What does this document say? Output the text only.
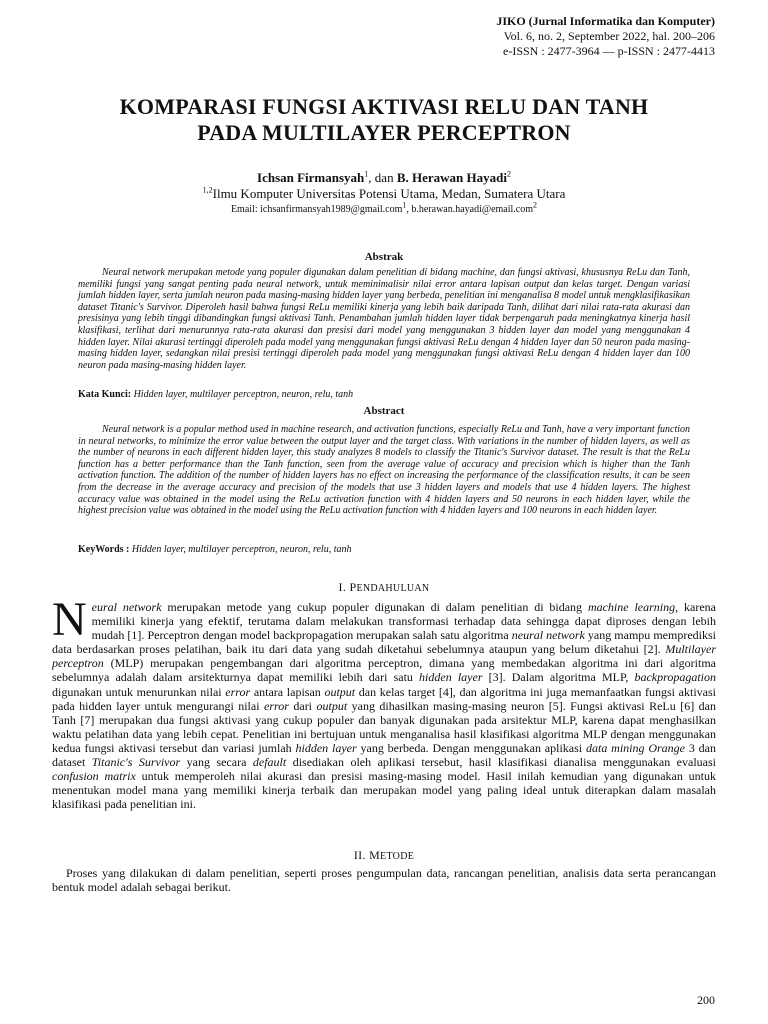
JIKO (Jurnal Informatika dan Komputer)
Vol. 6, no. 2, September 2022, hal. 200–206
e-ISSN : 2477-3964 — p-ISSN : 2477-4413
KOMPARASI FUNGSI AKTIVASI RELU DAN TANH
PADA MULTILAYER PERCEPTRON
Ichsan Firmansyah$^1$, dan B. Herawan Hayadi$^2$
$^{1,2}$Ilmu Komputer Universitas Potensi Utama, Medan, Sumatera Utara
Email: ichsanfirmansyah1989@gmail.com$^1$, b.herawan.hayadi@email.com$^2$
Abstrak

Neural network merupakan metode yang populer digunakan dalam penelitian di bidang machine, dan fungsi aktivasi, khususnya ReLu dan Tanh, memiliki fungsi yang sangat penting pada neural network, untuk meminimalisir nilai error antara lapisan output dan kelas target. Dengan variasi jumlah hidden layer, serta jumlah neuron pada masing-masing hidden layer yang berbeda, penelitian ini menganalisa 8 model untuk mengklasifikasikan dataset Titanic's Survivor. Diperoleh hasil bahwa fungsi ReLu memiliki kinerja yang lebih baik daripada Tanh, dilihat dari nilai rata-rata akurasi dan presisinya yang lebih tinggi dibandingkan fungsi aktivasi Tanh. Penambahan jumlah hidden layer tidak berpengaruh pada meningkatnya kinerja hasil klasifikasi, terlihat dari menurunnya rata-rata akurasi dan presisi dari model yang menggunakan 3 hidden layer dan model yang menggunakan 4 hidden layer. Nilai akurasi tertinggi diperoleh pada model yang menggunakan fungsi aktivasi ReLu dengan 4 hidden layer dan 50 neuron pada masing-masing hidden layer, sedangkan nilai presisi tertinggi diperoleh pada model yang menggunakan fungsi aktivasi ReLu dengan 4 hidden layer dan 100 neuron pada masing-masing hidden layer.

Kata Kunci: Hidden layer, multilayer perceptron, neuron, relu, tanh
Abstract

Neural network is a popular method used in machine research, and activation functions, especially ReLu and Tanh, have a very important function in neural networks, to minimize the error value between the output layer and the target class. With variations in the number of hidden layers, as well as the number of neurons in each different hidden layer, this study analyzes 8 models to classify the Titanic's Survivor dataset. The result is that the ReLu function has a better performance than the Tanh function, seen from the average value of accuracy and precision which is higher than the Tanh activation function. The addition of the number of hidden layers has no effect on increasing the performance of the classification results, it can be seen from the decrease in the average accuracy and precision of the models that use 3 hidden layers and models that use 4 hidden layers. The highest accuracy value was obtained in the model using the ReLu activation function with 4 hidden layers and 50 neurons in each hidden layer, while the highest precision value was obtained in the model using the ReLu activation function with 4 hidden layers and 100 neurons in each hidden layer.

KeyWords : Hidden layer, multilayer perceptron, neuron, relu, tanh
I. PENDAHULUAN

Neural network merupakan metode yang cukup populer digunakan di dalam penelitian di bidang machine learning, karena memiliki kinerja yang efektif, terutama dalam melakukan transformasi terhadap data sehingga dapat diproses dengan lebih mudah [1]. Perceptron dengan model backpropagation merupakan salah satu algoritma neural network yang mampu memprediksi data berdasarkan proses pelatihan, baik itu dari data yang sudah diketahui sebelumnya ataupun yang belum diketahui [2]. Multilayer perceptron (MLP) merupakan pengembangan dari algoritma perceptron, dimana yang membedakan algoritma ini dari algoritma sebelumnya adalah dalam arsitekturnya dapat memiliki lebih dari satu hidden layer [3]. Dalam algoritma MLP, backpropagation digunakan untuk menurunkan nilai error antara lapisan output dan kelas target [4], dan algoritma ini juga memanfaatkan fungsi aktivasi pada hidden layer untuk mengurangi nilai error dari output yang dihasilkan masing-masing neuron [5]. Fungsi aktivasi ReLu [6] dan Tanh [7] merupakan dua fungsi aktivasi yang cukup populer dan banyak digunakan pada arsitektur MLP, karena dapat menghasilkan waktu pelatihan data yang lebih cepat. Penelitian ini bertujuan untuk menganalisa hasil klasifikasi algoritma MLP dengan menggunakan kedua fungsi aktivasi tersebut dan variasi jumlah hidden layer yang berbeda. Dengan menggunakan aplikasi data mining Orange 3 dan dataset Titanic's Survivor yang secara default disediakan oleh aplikasi tersebut, hasil klasifikasi dianalisa menggunakan evaluasi confusion matrix untuk memperoleh nilai akurasi dan presisi masing-masing model. Hasil inilah kemudian yang digunakan untuk menentukan model mana yang memiliki kinerja terbaik dan merupakan model yang paling ideal untuk diterapkan dalam masalah klasifikasi pada penelitian ini.

II. METODE

Proses yang dilakukan di dalam penelitian, seperti proses pengumpulan data, rancangan penelitian, analisis data serta perancangan bentuk model adalah sebagai berikut.

200
